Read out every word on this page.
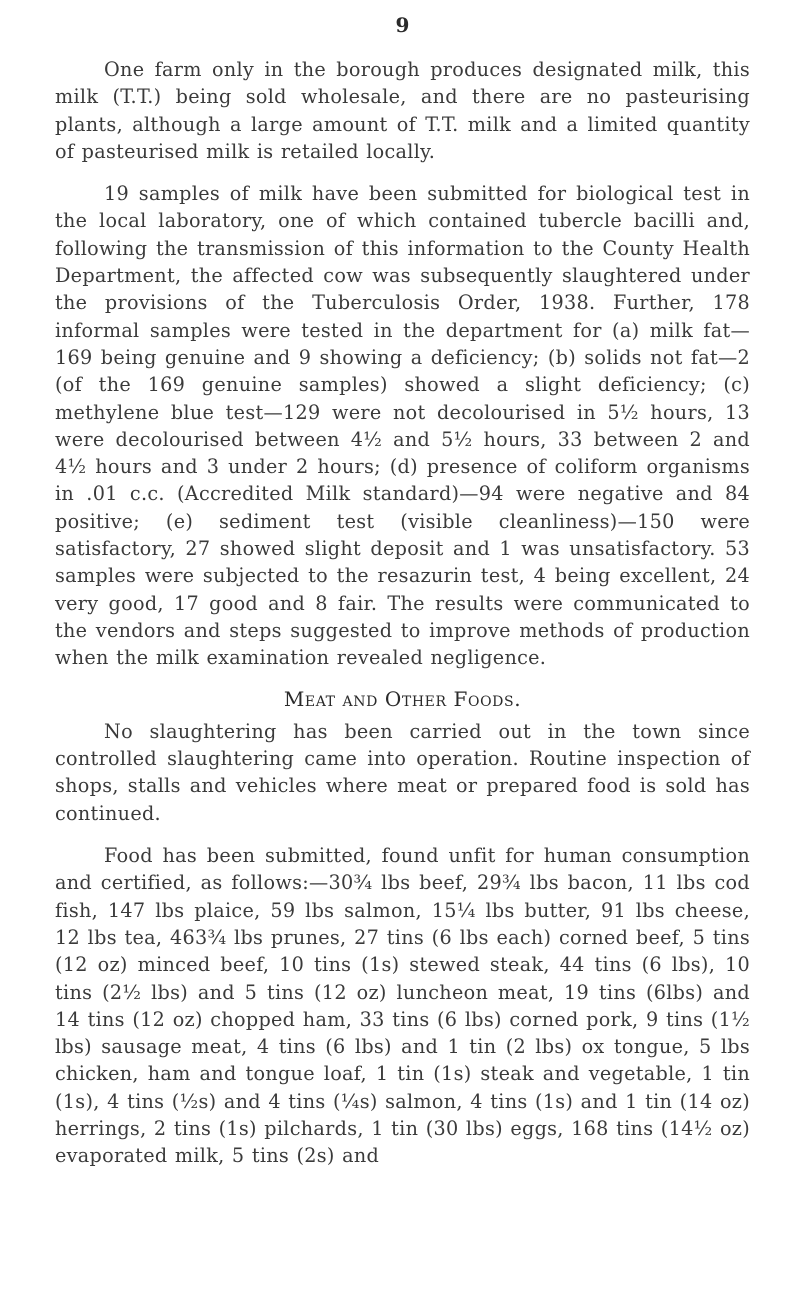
9

One farm only in the borough produces designated milk, this milk (T.T.) being sold wholesale, and there are no pasteurising plants, although a large amount of T.T. milk and a limited quantity of pasteurised milk is retailed locally.

19 samples of milk have been submitted for biological test in the local laboratory, one of which contained tubercle bacilli and, following the transmission of this information to the County Health Department, the affected cow was subsequently slaughtered under the provisions of the Tuberculosis Order, 1938. Further, 178 informal samples were tested in the department for (a) milk fat—169 being genuine and 9 showing a deficiency; (b) solids not fat—2 (of the 169 genuine samples) showed a slight deficiency; (c) methylene blue test—129 were not decolourised in 5½ hours, 13 were decolourised between 4½ and 5½ hours, 33 between 2 and 4½ hours and 3 under 2 hours; (d) presence of coliform organisms in .01 c.c. (Accredited Milk standard)—94 were negative and 84 positive; (e) sediment test (visible cleanliness)—150 were satisfactory, 27 showed slight deposit and 1 was unsatisfactory. 53 samples were subjected to the resazurin test, 4 being excellent, 24 very good, 17 good and 8 fair. The results were communicated to the vendors and steps suggested to improve methods of production when the milk examination revealed negligence.

Meat and Other Foods.

No slaughtering has been carried out in the town since controlled slaughtering came into operation. Routine inspection of shops, stalls and vehicles where meat or prepared food is sold has continued.

Food has been submitted, found unfit for human consumption and certified, as follows:—30¾ lbs beef, 29¾ lbs bacon, 11 lbs cod fish, 147 lbs plaice, 59 lbs salmon, 15¼ lbs butter, 91 lbs cheese, 12 lbs tea, 463¾ lbs prunes, 27 tins (6 lbs each) corned beef, 5 tins (12 oz) minced beef, 10 tins (1s) stewed steak, 44 tins (6 lbs), 10 tins (2½ lbs) and 5 tins (12 oz) luncheon meat, 19 tins (6lbs) and 14 tins (12 oz) chopped ham, 33 tins (6 lbs) corned pork, 9 tins (1½ lbs) sausage meat, 4 tins (6 lbs) and 1 tin (2 lbs) ox tongue, 5 lbs chicken, ham and tongue loaf, 1 tin (1s) steak and vegetable, 1 tin (1s), 4 tins (½s) and 4 tins (¼s) salmon, 4 tins (1s) and 1 tin (14 oz) herrings, 2 tins (1s) pilchards, 1 tin (30 lbs) eggs, 168 tins (14½ oz) evaporated milk, 5 tins (2s) and
